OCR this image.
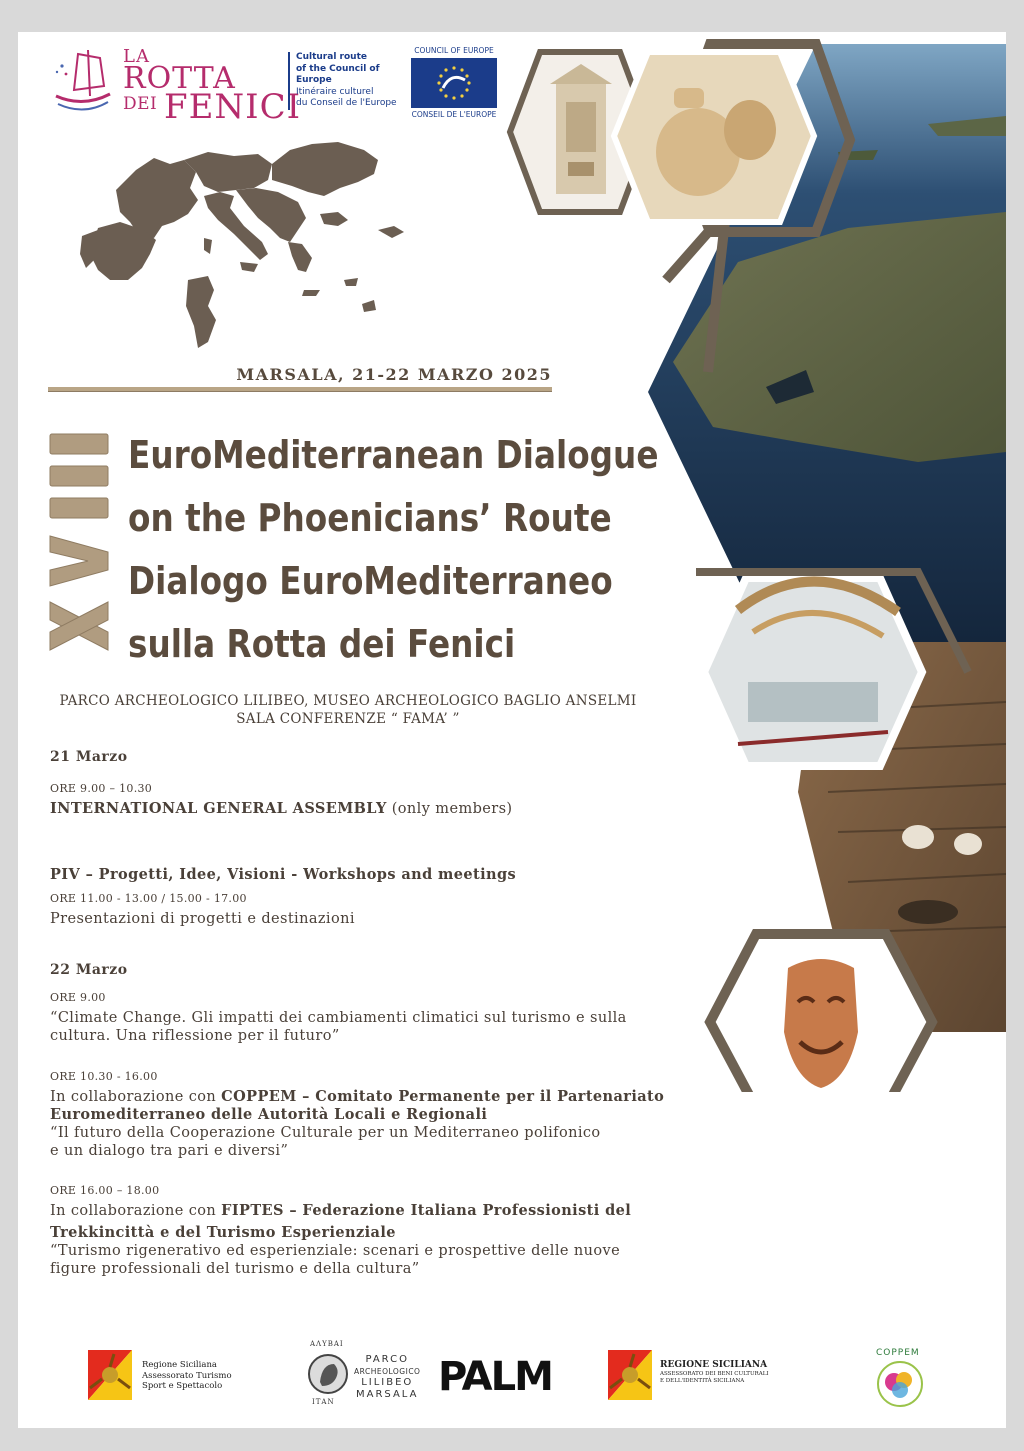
LA
ROTTA
DEI FENICI
Cultural route
of the Council of Europe
Itinéraire culturel
du Conseil de l'Europe
COUNCIL OF EUROPE
CONSEIL DE L'EUROPE
MARSALA, 21-22 MARZO 2025
EuroMediterranean Dialogue
on the Phoenicians’ Route
Dialogo EuroMediterraneo
sulla Rotta dei Fenici
PARCO ARCHEOLOGICO LILIBEO, MUSEO ARCHEOLOGICO BAGLIO ANSELMI
SALA CONFERENZE “ FAMA’ ”
21 Marzo
ORE 9.00 – 10.30
INTERNATIONAL GENERAL ASSEMBLY (only members)
PIV – Progetti, Idee, Visioni - Workshops and meetings
ORE 11.00 - 13.00 / 15.00 - 17.00
Presentazioni di progetti e destinazioni
22 Marzo
ORE 9.00
“Climate Change. Gli impatti dei cambiamenti climatici sul turismo e sulla
cultura. Una riflessione per il futuro”
ORE 10.30 - 16.00
In collaborazione con COPPEM – Comitato Permanente per il Partenariato
Euromediterraneo delle Autorità Locali e Regionali
“Il futuro della Cooperazione Culturale per un Mediterraneo polifonico
e un dialogo tra pari e diversi”
ORE 16.00 – 18.00
In collaborazione con FIPTES – Federazione Italiana Professionisti del
Trekkincittà e del Turismo Esperienziale
“Turismo rigenerativo ed esperienziale: scenari e prospettive delle nuove
figure professionali del turismo e della cultura”
Regione Siciliana
Assessorato Turismo
Sport e Spettacolo
ΑΛΥΒΑΙ
ΙΤΑΝ
PARCO
ARCHEOLOGICO
LILIBEO
MARSALA PALM	REGIONE SICILIANA
ASSESSORATO DEI BENI CULTURALI
E DELL'IDENTITÀ SICILIANA
COPPEM
